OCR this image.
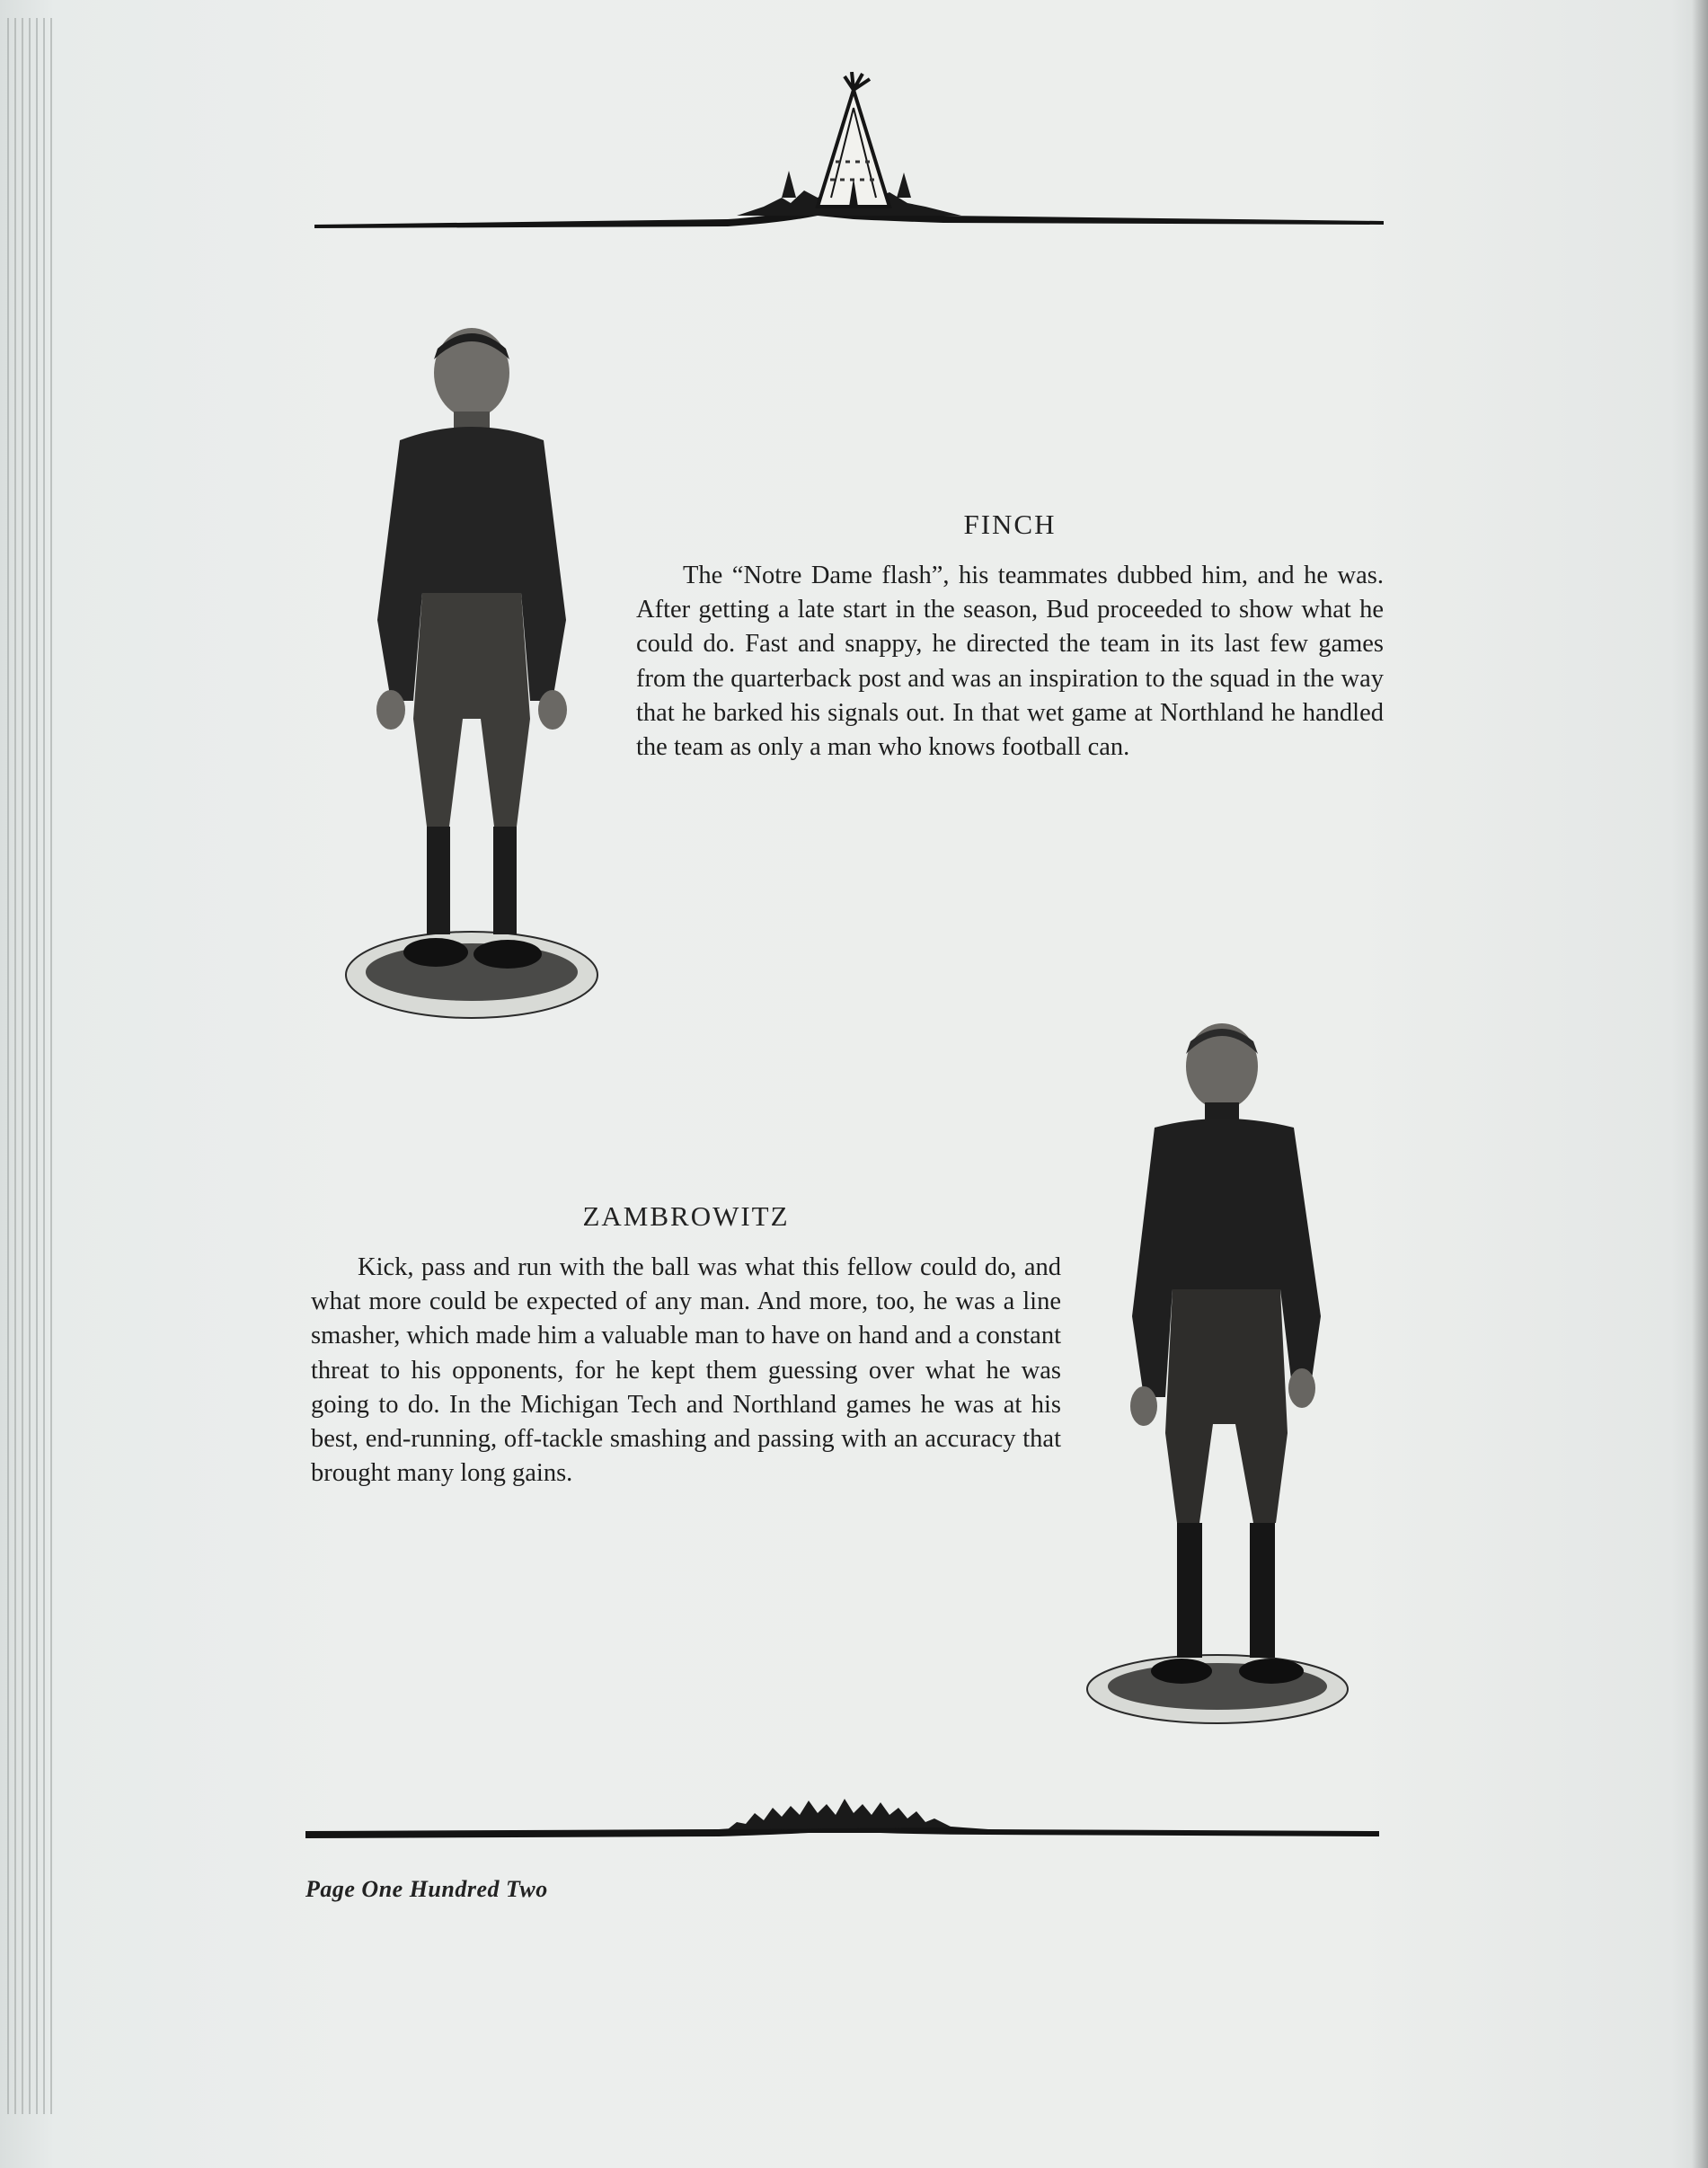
FINCH

The “Notre Dame flash”, his teammates dubbed him, and he was. After getting a late start in the season, Bud proceeded to show what he could do. Fast and snappy, he directed the team in its last few games from the quarterback post and was an inspiration to the squad in the way that he barked his signals out. In that wet game at Northland he handled the team as only a man who knows football can.

ZAMBROWITZ

Kick, pass and run with the ball was what this fellow could do, and what more could be expected of any man. And more, too, he was a line smasher, which made him a valuable man to have on hand and a constant threat to his opponents, for he kept them guessing over what he was going to do. In the Michigan Tech and Northland games he was at his best, end-running, off-tackle smashing and passing with an accuracy that brought many long gains.

Page One Hundred Two
